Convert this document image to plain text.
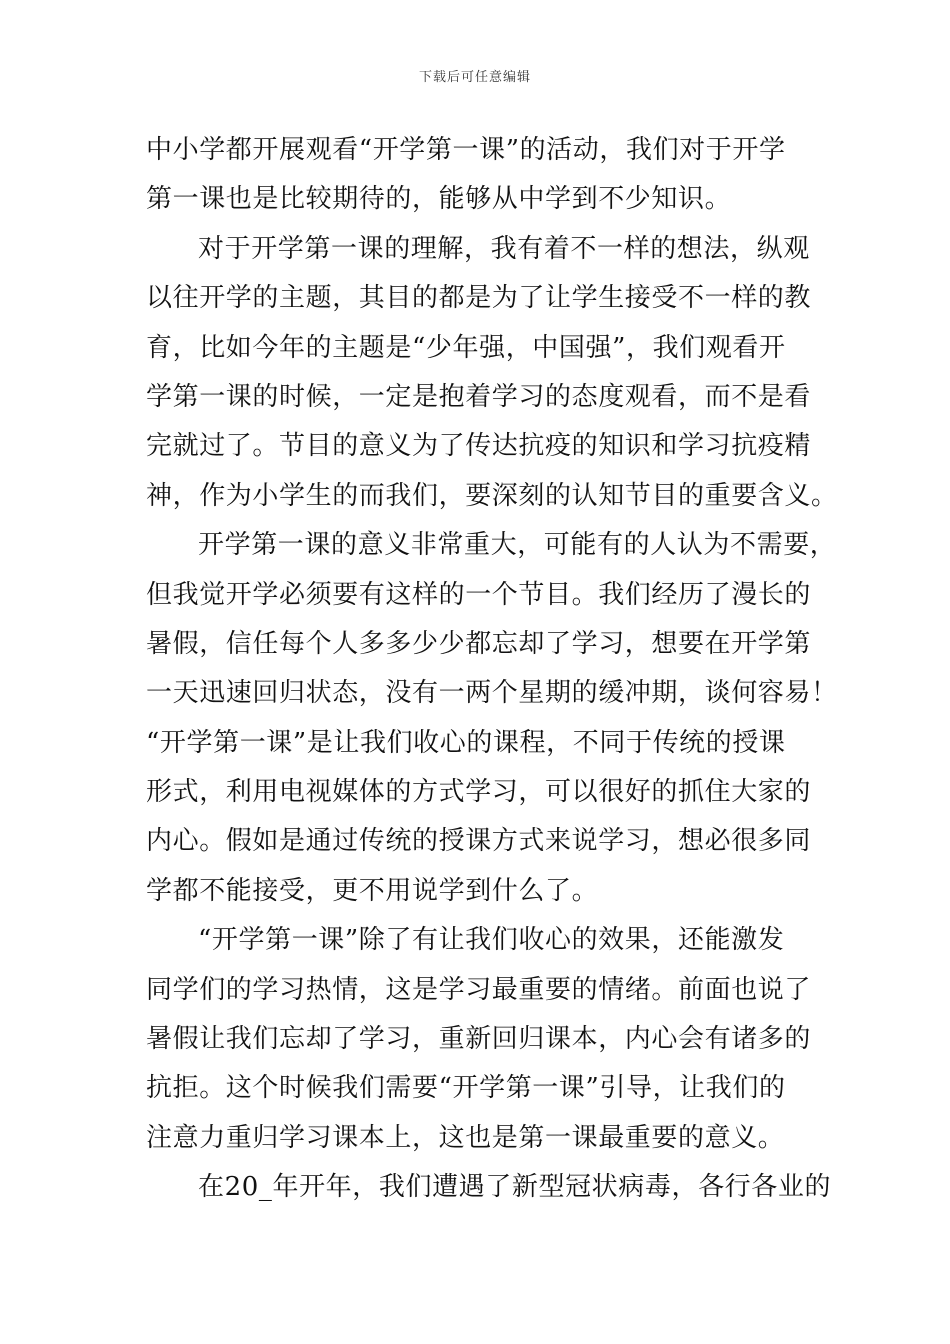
下载后可任意编辑
中小学都开展观看“开学第一课”的活动，我们对于开学
第一课也是比较期待的，能够从中学到不少知识。
对于开学第一课的理解，我有着不一样的想法，纵观
以往开学的主题，其目的都是为了让学生接受不一样的教
育，比如今年的主题是“少年强，中国强”，我们观看开
学第一课的时候，一定是抱着学习的态度观看，而不是看
完就过了。节目的意义为了传达抗疫的知识和学习抗疫精
神，作为小学生的而我们，要深刻的认知节目的重要含义。
开学第一课的意义非常重大，可能有的人认为不需要，
但我觉开学必须要有这样的一个节目。我们经历了漫长的
暑假，信任每个人多多少少都忘却了学习，想要在开学第
一天迅速回归状态，没有一两个星期的缓冲期，谈何容易！
“开学第一课”是让我们收心的课程，不同于传统的授课
形式，利用电视媒体的方式学习，可以很好的抓住大家的
内心。假如是通过传统的授课方式来说学习，想必很多同
学都不能接受，更不用说学到什么了。
“开学第一课”除了有让我们收心的效果，还能激发
同学们的学习热情，这是学习最重要的情绪。前面也说了
暑假让我们忘却了学习，重新回归课本，内心会有诸多的
抗拒。这个时候我们需要“开学第一课”引导，让我们的
注意力重归学习课本上，这也是第一课最重要的意义。
在20_年开年，我们遭遇了新型冠状病毒，各行各业的
